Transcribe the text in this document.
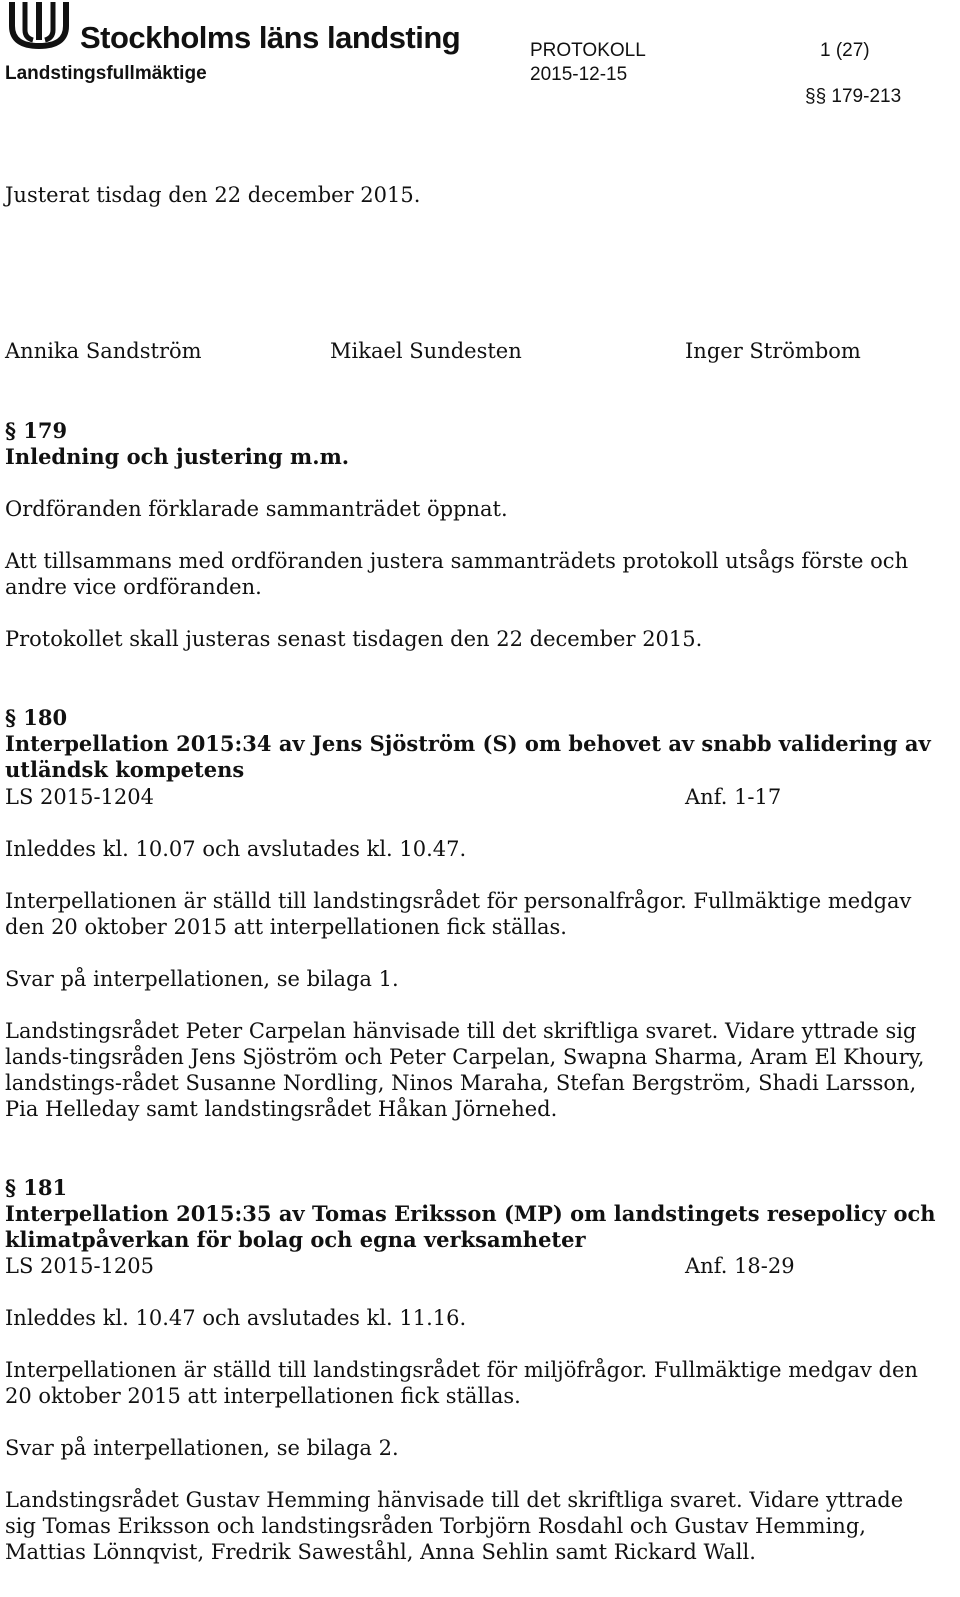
Stockholms läns landsting
Landstingsfullmäktige
PROTOKOLL	1 (27)
2015-12-15
§§ 179-213

Justerat tisdag den 22 december 2015.

Annika Sandström	Mikael Sundesten	Inger Strömbom
§ 179
Inledning och justering m.m.

Ordföranden förklarade sammanträdet öppnat.

Att tillsammans med ordföranden justera sammanträdets protokoll utsågs förste och andre vice ordföranden.

Protokollet skall justeras senast tisdagen den 22 december 2015.

§ 180
Interpellation 2015:34 av Jens Sjöström (S) om behovet av snabb validering av utländsk kompetens
LS 2015-1204	Anf. 1-17

Inleddes kl. 10.07 och avslutades kl. 10.47.

Interpellationen är ställd till landstingsrådet för personalfrågor. Fullmäktige medgav den 20 oktober 2015 att interpellationen fick ställas.

Svar på interpellationen, se bilaga 1.

Landstingsrådet Peter Carpelan hänvisade till det skriftliga svaret. Vidare yttrade sig lands-tingsråden Jens Sjöström och Peter Carpelan, Swapna Sharma, Aram El Khoury, landstings-rådet Susanne Nordling, Ninos Maraha, Stefan Bergström, Shadi Larsson, Pia Helleday samt landstingsrådet Håkan Jörnehed.

§ 181
Interpellation 2015:35 av Tomas Eriksson (MP) om landstingets resepolicy och klimatpåverkan för bolag och egna verksamheter
LS 2015-1205	Anf. 18-29

Inleddes kl. 10.47 och avslutades kl. 11.16.

Interpellationen är ställd till landstingsrådet för miljöfrågor. Fullmäktige medgav den 20 oktober 2015 att interpellationen fick ställas.

Svar på interpellationen, se bilaga 2.

Landstingsrådet Gustav Hemming hänvisade till det skriftliga svaret. Vidare yttrade sig Tomas Eriksson och landstingsråden Torbjörn Rosdahl och Gustav Hemming, Mattias Lönnqvist, Fredrik Saweståhl, Anna Sehlin samt Rickard Wall.
